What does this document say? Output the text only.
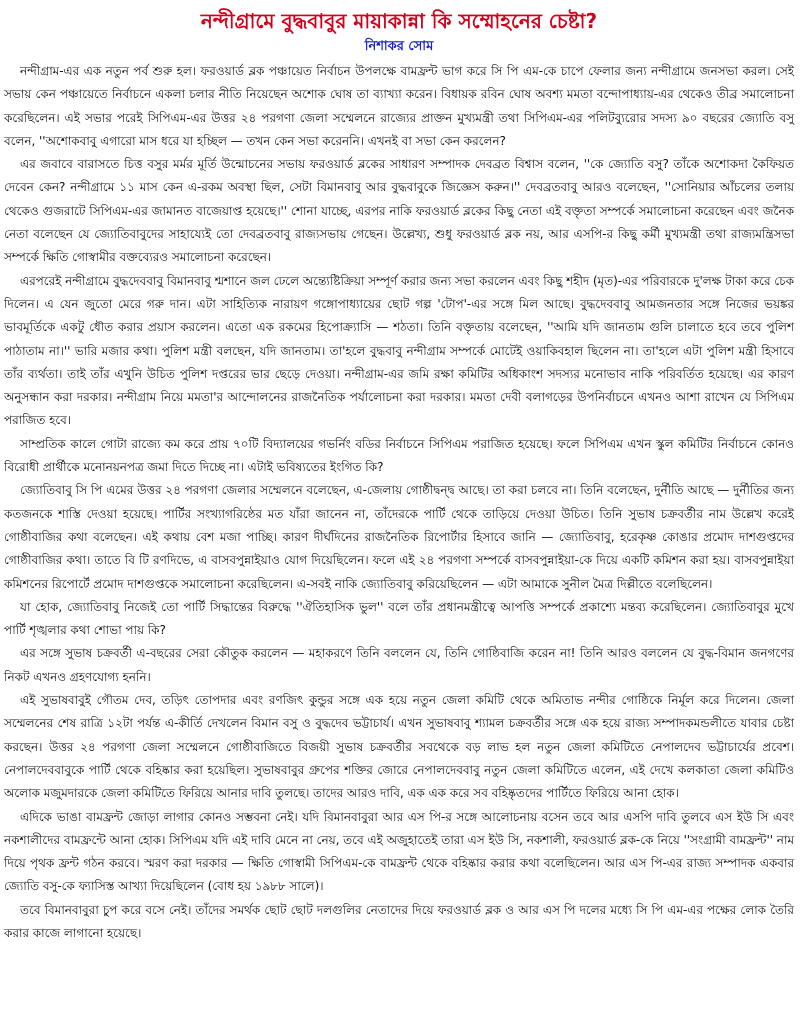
নন্দীগ্রামে বুদ্ধবাবুর মায়াকান্না কি সম্মোহনের চেষ্টা?
নিশাকর সোম

নন্দীগ্রাম-এর এক নতুন পর্ব শুরু হল। ফরওয়ার্ড ব্লক পঞ্চায়েত নির্বাচন উপলক্ষে বামফ্রন্ট ভাগ করে সি পি এম-কে চাপে ফেলার জন্য নন্দীগ্রামে জনসভা করল। সেই সভায় কেন পঞ্চায়েতে নির্বাচনে একলা চলার নীতি নিয়েছেন অশোক ঘোষ তা ব্যাখ্যা করেন। বিধায়ক রবিন ঘোষ অবশ্য মমতা বন্দোপাধ্যায়-এর থেকেও তীব্র সমালোচনা করেছিলেন। এই সভার পরেই সিপিএম-এর উত্তর ২৪ পরগণা জেলা সম্মেলনে রাজ্যের প্রাক্তন মুখ্যমন্ত্রী তথা সিপিএম-এর পলিটব্যুরোর সদস্য ৯০ বছরের জ্যোতি বসু বলেন, ''অশোকবাবু এগারো মাস ধরে যা হচ্ছিল — তখন কেন সভা করেননি। এখনই বা সভা কেন করলেন?

এর জবাবে বারাসতে চিত্ত বসুর মর্মর মূর্তি উন্মোচনের সভায় ফরওয়ার্ড ব্লকের সাধারণ সম্পাদক দেবব্রত বিশ্বাস বলেন, ''কে জ্যোতি বসু? তাঁকে অশোকদা কৈফিয়ত দেবেন কেন? নন্দীগ্রামে ১১ মাস কেন এ-রকম অবস্থা ছিল, সেটা বিমানবাবু আর বুদ্ধবাবুকে জিজ্ঞেস করুন।'' দেবব্রতবাবু আরও বলেছেন, ''সোনিয়ার আঁচলের তলায় থেকেও গুজরাটে সিপিএম-এর জামানত বাজেয়াপ্ত হয়েছে।'' শোনা যাচ্ছে, এরপর নাকি ফরওয়ার্ড ব্লকের কিছু নেতা এই বক্তৃতা সম্পর্কে সমালোচনা করেছেন এবং জনৈক নেতা বলেছেন যে জ্যোতিবাবুদের সাহায্যেই তো দেবব্রতবাবু রাজ্যসভায় গেছেন। উল্লেখ্য, শুধু ফরওয়ার্ড ব্লক নয়, আর এসপি-র কিছু কর্মী মুখ্যমন্ত্রী তথা রাজ্যমন্ত্রিসভা সম্পর্কে ক্ষিতি গোস্বামীর বক্তব্যেরও সমালোচনা করেছেন।

এরপরেই নন্দীগ্রামে বুদ্ধদেববাবু বিমানবাবু শ্মশানে জল ঢেলে অন্ত্যেষ্টিক্রিয়া সম্পূর্ণ করার জন্য সভা করলেন এবং কিছু শহীদ (মৃত)-এর পরিবারকে দু'লক্ষ টাকা করে চেক দিলেন। এ যেন জুতো মেরে গরু দান। এটা সাহিত্যিক নারায়ণ গঙ্গোপাধ্যায়ের ছোট গল্প 'টোপ'-এর সঙ্গে মিল আছে। বুদ্ধদেববাবু আমজনতার সঙ্গে নিজের ভয়ঙ্কর ভাবমূর্তিকে একটু ধৌত করার প্রয়াস করলেন। এতো এক রকমের হিপোক্র্যাসি — শঠতা। তিনি বক্তৃতায় বলেছেন, ''আমি যদি জানতাম গুলি চালাতে হবে তবে পুলিশ পাঠাতাম না।'' ভারি মজার কথা। পুলিশ মন্ত্রী বলছেন, যদি জানতাম। তা'হলে বুদ্ধবাবু নন্দীগ্রাম সম্পর্কে মোটেই ওয়াকিবহাল ছিলেন না। তা'হলে এটা পুলিশ মন্ত্রী হিসাবে তাঁর ব্যর্থতা। তাই তাঁর এখুনি উচিত পুলিশ দপ্তরের ভার ছেড়ে দেওয়া। নন্দীগ্রাম-এর জমি রক্ষা কমিটির অধিকাংশ সদস্যর মনোভাব নাকি পরিবর্তিত হয়েছে। এর কারণ অনুসন্ধান করা দরকার। নন্দীগ্রাম নিয়ে মমতা'র আন্দোলনের রাজনৈতিক পর্যালোচনা করা দরকার। মমতা দেবী বলাগড়ের উপনির্বাচনে এখনও আশা রাখেন যে সিপিএম পরাজিত হবে।

সাম্প্রতিক কালে গোটা রাজ্যে কম করে প্রায় ৭০টি বিদ্যালয়ের গভর্নিং বডির নির্বাচনে সিপিএম পরাজিত হয়েছে। ফলে সিপিএম এখন স্কুল কমিটির নির্বাচনে কোনও বিরোধী প্রার্থীকে মনোনয়নপত্র জমা দিতে দিচ্ছে না। এটাই ভবিষ্যতের ইংগিত কি?

জ্যোতিবাবু সি পি এমের উত্তর ২৪ পরগণা জেলার সম্মেলনে বলেছেন, এ-জেলায় গোষ্ঠীদ্বন্দ্ব আছে। তা করা চলবে না। তিনি বলেছেন, দুর্নীতি আছে — দুর্নীতির জন্য কতজনকে শাস্তি দেওয়া হয়েছে। পার্টির সংখ্যাগরিষ্ঠের মত যাঁরা জানেন না, তাঁদেরকে পার্টি থেকে তাড়িয়ে দেওয়া উচিত। তিনি সুভাষ চক্রবর্তীর নাম উল্লেখ করেই গোষ্ঠীবাজির কথা বলেছেন। এই কথায় বেশ মজা পাচ্ছি। কারণ দীর্ঘদিনের রাজনৈতিক রিপোর্টার হিসাবে জানি — জ্যোতিবাবু, হরেকৃষ্ণ কোঙার প্রমোদ দাশগুপ্তদের গোষ্ঠীবাজির কথা। তাতে বি টি রণদিভে, এ বাসবপুন্নাইয়াও যোগ দিয়েছিলেন। ফলে এই ২৪ পরগণা সম্পর্কে বাসবপুন্নাইয়া-কে দিয়ে একটি কমিশন করা হয়। বাসবপুন্নাইয়া কমিশনের রিপোর্টে প্রমোদ দাশগুপ্তকে সমালোচনা করেছিলেন। এ-সবই নাকি জ্যোতিবাবু করিয়েছিলেন — এটা আমাকে সুনীল মৈত্র দিল্লীতে বলেছিলেন।

যা হোক, জ্যোতিবাবু নিজেই তো পার্টি সিদ্ধান্তের বিরুদ্ধে ''ঐতিহাসিক ভুল'' বলে তাঁর প্রধানমন্ত্রীত্বে আপত্তি সম্পর্কে প্রকাশ্যে মন্তব্য করেছিলেন। জ্যোতিবাবুর মুখে পার্টি শৃঙ্খলার কথা শোভা পায় কি?

এর সঙ্গে সুভাষ চক্রবর্তী এ-বছরের সেরা কৌতুক করলেন — মহাকরণে তিনি বললেন যে, তিনি গোষ্ঠিবাজি করেন না! তিনি আরও বললেন যে বুদ্ধ-বিমান জনগণের নিকট এখনও গ্রহণযোগ্য হননি।

এই সুভাষবাবুই গৌতম দেব, তড়িৎ তোপদার এবং রণজিৎ কুন্ডুর সঙ্গে এক হয়ে নতুন জেলা কমিটি থেকে অমিতাভ নন্দীর গোষ্ঠিকে নির্মূল করে দিলেন। জেলা সম্মেলনের শেষ রাত্রি ১২টা পর্যন্ত এ-কীর্তি দেখলেন বিমান বসু ও বুদ্ধদেব ভট্টাচার্য। এখন সুভাষবাবু শ্যামল চক্রবর্তীর সঙ্গে এক হয়ে রাজ্য সম্পাদকমন্ডলীতে যাবার চেষ্টা করছেন। উত্তর ২৪ পরগণা জেলা সম্মেলনে গোষ্ঠীবাজিতে বিজয়ী সুভাষ চক্রবর্তীর সবথেকে বড় লাভ হল নতুন জেলা কমিটিতে নেপালদেব ভট্টাচার্যের প্রবেশ। নেপালদেববাবুকে পার্টি থেকে বহিষ্কার করা হয়েছিল। সুভাষবাবুর গ্রুপের শক্তির জোরে নেপালদেববাবু নতুন জেলা কমিটিতে এলেন, এই দেখে কলকাতা জেলা কমিটিও অলোক মজুমদারকে জেলা কমিটিতে ফিরিয়ে আনার দাবি তুলছে। তাদের আরও দাবি, এক এক করে সব বহিষ্কৃতদের পার্টিতে ফিরিয়ে আনা হোক।

এদিকে ভাঙা বামফ্রন্ট জোড়া লাগার কোনও সম্ভবনা নেই। যদি বিমানবাবুরা আর এস পি-র সঙ্গে আলোচনায় বসেন তবে আর এসপি দাবি তুলবে এস ইউ সি এবং নকশালীদের বামফ্রন্টে আনা হোক। সিপিএম যদি এই দাবি মেনে না নেয়, তবে এই অজুহাতেই তারা এস ইউ সি, নকশালী, ফরওয়ার্ড ব্লক-কে নিয়ে ''সংগ্রামী বামফ্রন্ট'' নাম দিয়ে পৃথক ফ্রন্ট গঠন করবে। স্মরণ করা দরকার — ক্ষিতি গোস্বামী সিপিএম-কে বামফ্রন্ট থেকে বহিষ্কার করার কথা বলেছিলেন। আর এস পি-এর রাজ্য সম্পাদক একবার জ্যোতি বসু-কে ফ্যাসিস্ত আখ্যা দিয়েছিলেন (বোধ হয় ১৯৮৮ সালে)।

তবে বিমানবাবুরা চুপ করে বসে নেই। তাঁদের সমর্থক ছোট ছোট দলগুলির নেতাদের দিয়ে ফরওয়ার্ড ব্লক ও আর এস পি দলের মধ্যে সি পি এম-এর পক্ষের লোক তৈরি করার কাজে লাগানো হয়েছে।
